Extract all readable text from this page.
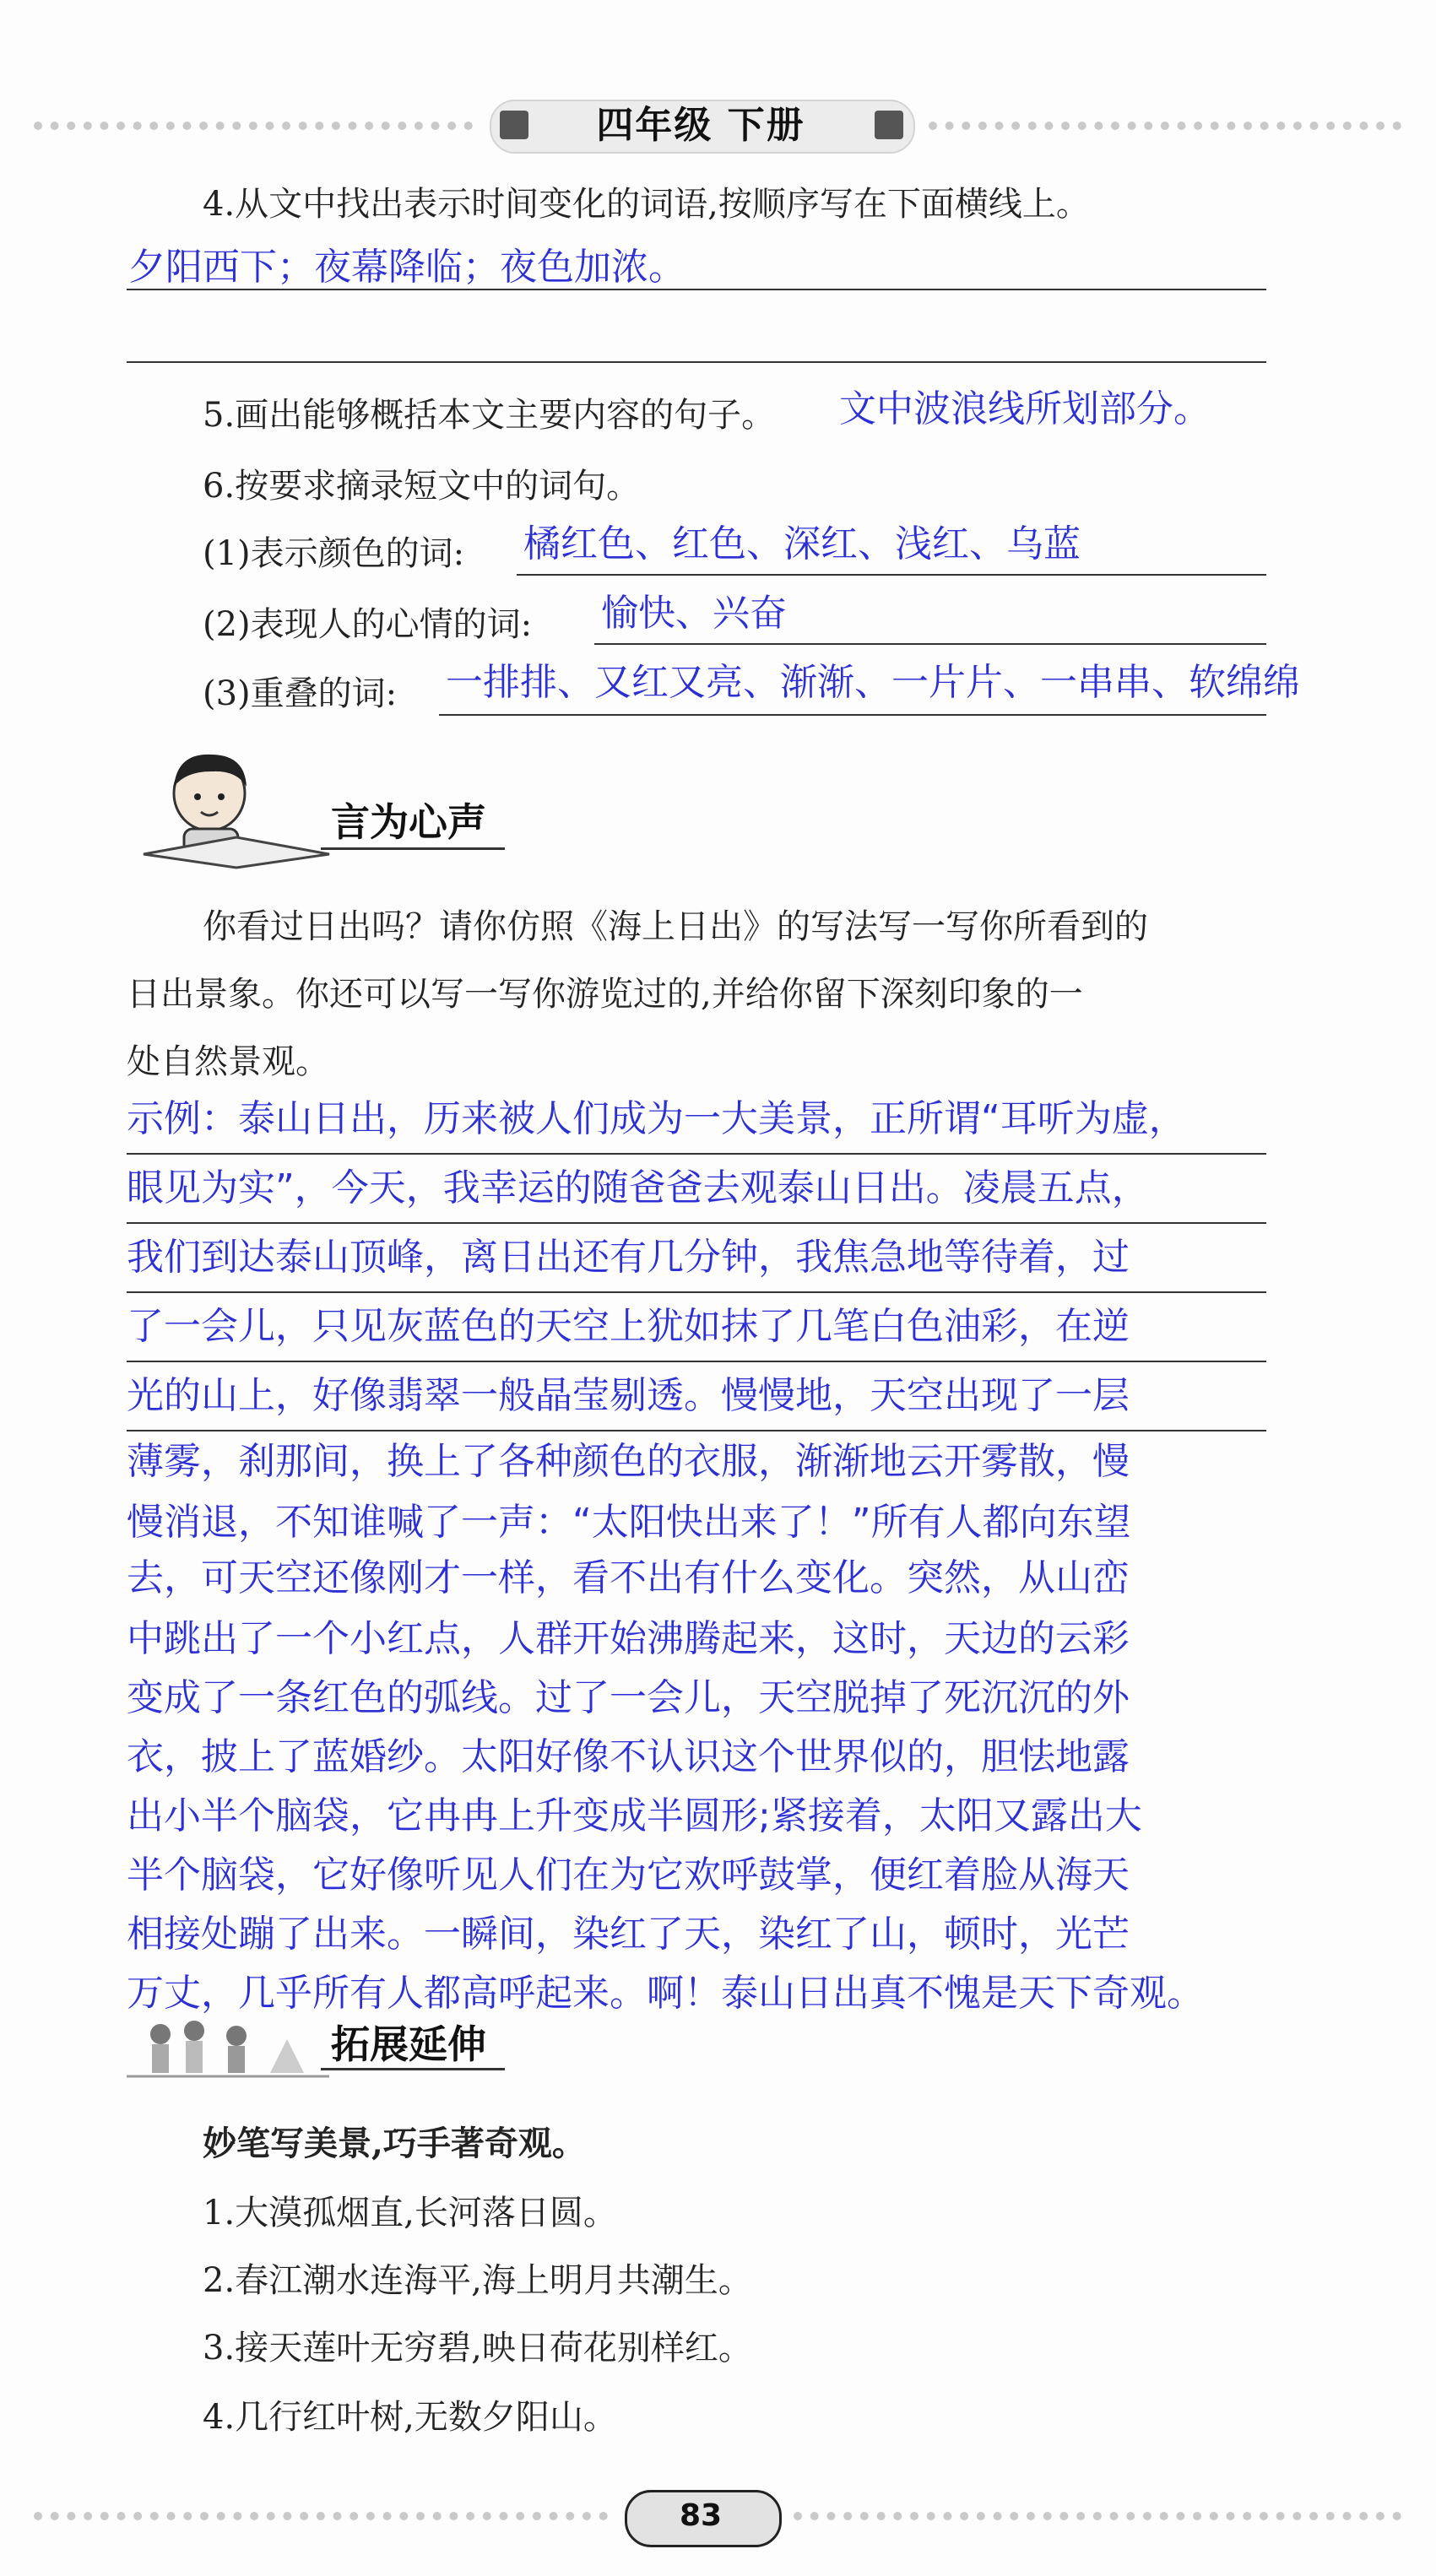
四年级 下册
4.从文中找出表示时间变化的词语,按顺序写在下面横线上。
夕阳西下；夜幕降临；夜色加浓。
5.画出能够概括本文主要内容的句子。 文中波浪线所划部分。
6.按要求摘录短文中的词句。
(1)表示颜色的词: 橘红色、红色、深红、浅红、乌蓝
(2)表现人的心情的词: 愉快、兴奋
(3)重叠的词: 一排排、又红又亮、渐渐、一片片、一串串、软绵绵
言为心声
你看过日出吗？请你仿照《海上日出》的写法写一写你所看到的
日出景象。你还可以写一写你游览过的,并给你留下深刻印象的一
处自然景观。
示例：泰山日出，历来被人们成为一大美景，正所谓“耳听为虚，
眼见为实”，今天，我幸运的随爸爸去观泰山日出。凌晨五点，
我们到达泰山顶峰，离日出还有几分钟，我焦急地等待着，过
了一会儿，只见灰蓝色的天空上犹如抹了几笔白色油彩，在逆
光的山上，好像翡翠一般晶莹剔透。慢慢地，天空出现了一层
薄雾，刹那间，换上了各种颜色的衣服，渐渐地云开雾散，慢
慢消退，不知谁喊了一声：“太阳快出来了！”所有人都向东望
去，可天空还像刚才一样，看不出有什么变化。突然，从山峦
中跳出了一个小红点，人群开始沸腾起来，这时，天边的云彩
变成了一条红色的弧线。过了一会儿，天空脱掉了死沉沉的外
衣，披上了蓝婚纱。太阳好像不认识这个世界似的，胆怯地露
出小半个脑袋，它冉冉上升变成半圆形;紧接着，太阳又露出大
半个脑袋，它好像听见人们在为它欢呼鼓掌，便红着脸从海天
相接处蹦了出来。一瞬间，染红了天，染红了山，顿时，光芒
万丈，几乎所有人都高呼起来。啊！泰山日出真不愧是天下奇观。
拓展延伸
妙笔写美景,巧手著奇观。
1.大漠孤烟直,长河落日圆。
2.春江潮水连海平,海上明月共潮生。
3.接天莲叶无穷碧,映日荷花别样红。
4.几行红叶树,无数夕阳山。
83
